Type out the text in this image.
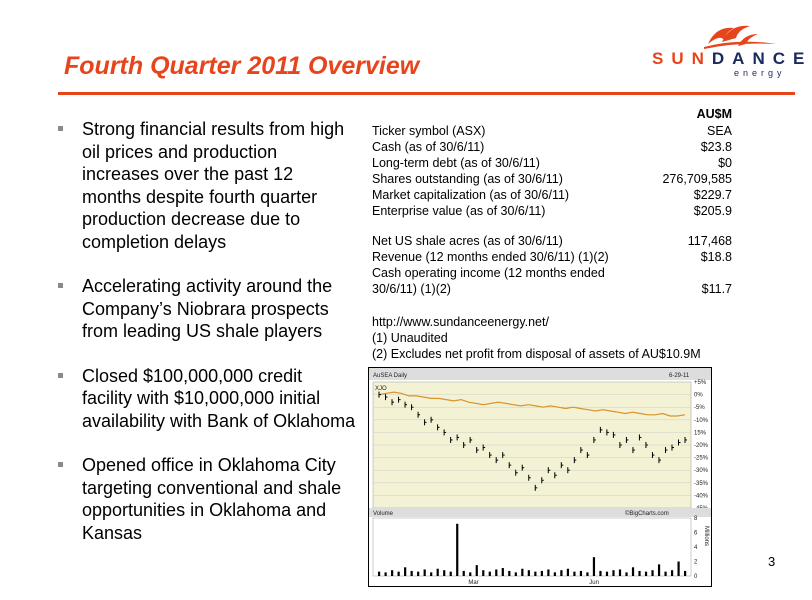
Fourth Quarter 2011 Overview	SUNDANCE
energy
Strong financial results from high oil prices and production increases over the past 12 months despite fourth quarter production decrease due to completion delays
Accelerating activity around the Company’s Niobrara prospects from leading US shale players
Closed $100,000,000 credit facility with $10,000,000 initial availability with Bank of Oklahoma
Opened office in Oklahoma City targeting conventional and shale opportunities in Oklahoma and Kansas
AU$M
Ticker symbol (ASX)	SEA
Cash (as of 30/6/11)	$23.8
Long-term debt (as of 30/6/11)	$0
Shares outstanding (as of 30/6/11)	276,709,585
Market capitalization (as of 30/6/11)	$229.7
Enterprise value (as of 30/6/11)	$205.9
Net US shale acres (as of 30/6/11)	117,468
Revenue (12 months ended 30/6/11) (1)(2)	$18.8
Cash operating income (12 months ended
30/6/11) (1)(2)	$11.7
http://www.sundanceenergy.net/
(1) Unaudited
(2) Excludes net profit from disposal of assets of AU$10.9M
AuSEA Daily	6-29-11
XJO
+5%
0%
-5%
-10%
15%
-20%
-25%
-30%
-35%
-40%
Volume	©BigCharts.com
8
6
4
2
0
Millions
Mar	Jun
3
